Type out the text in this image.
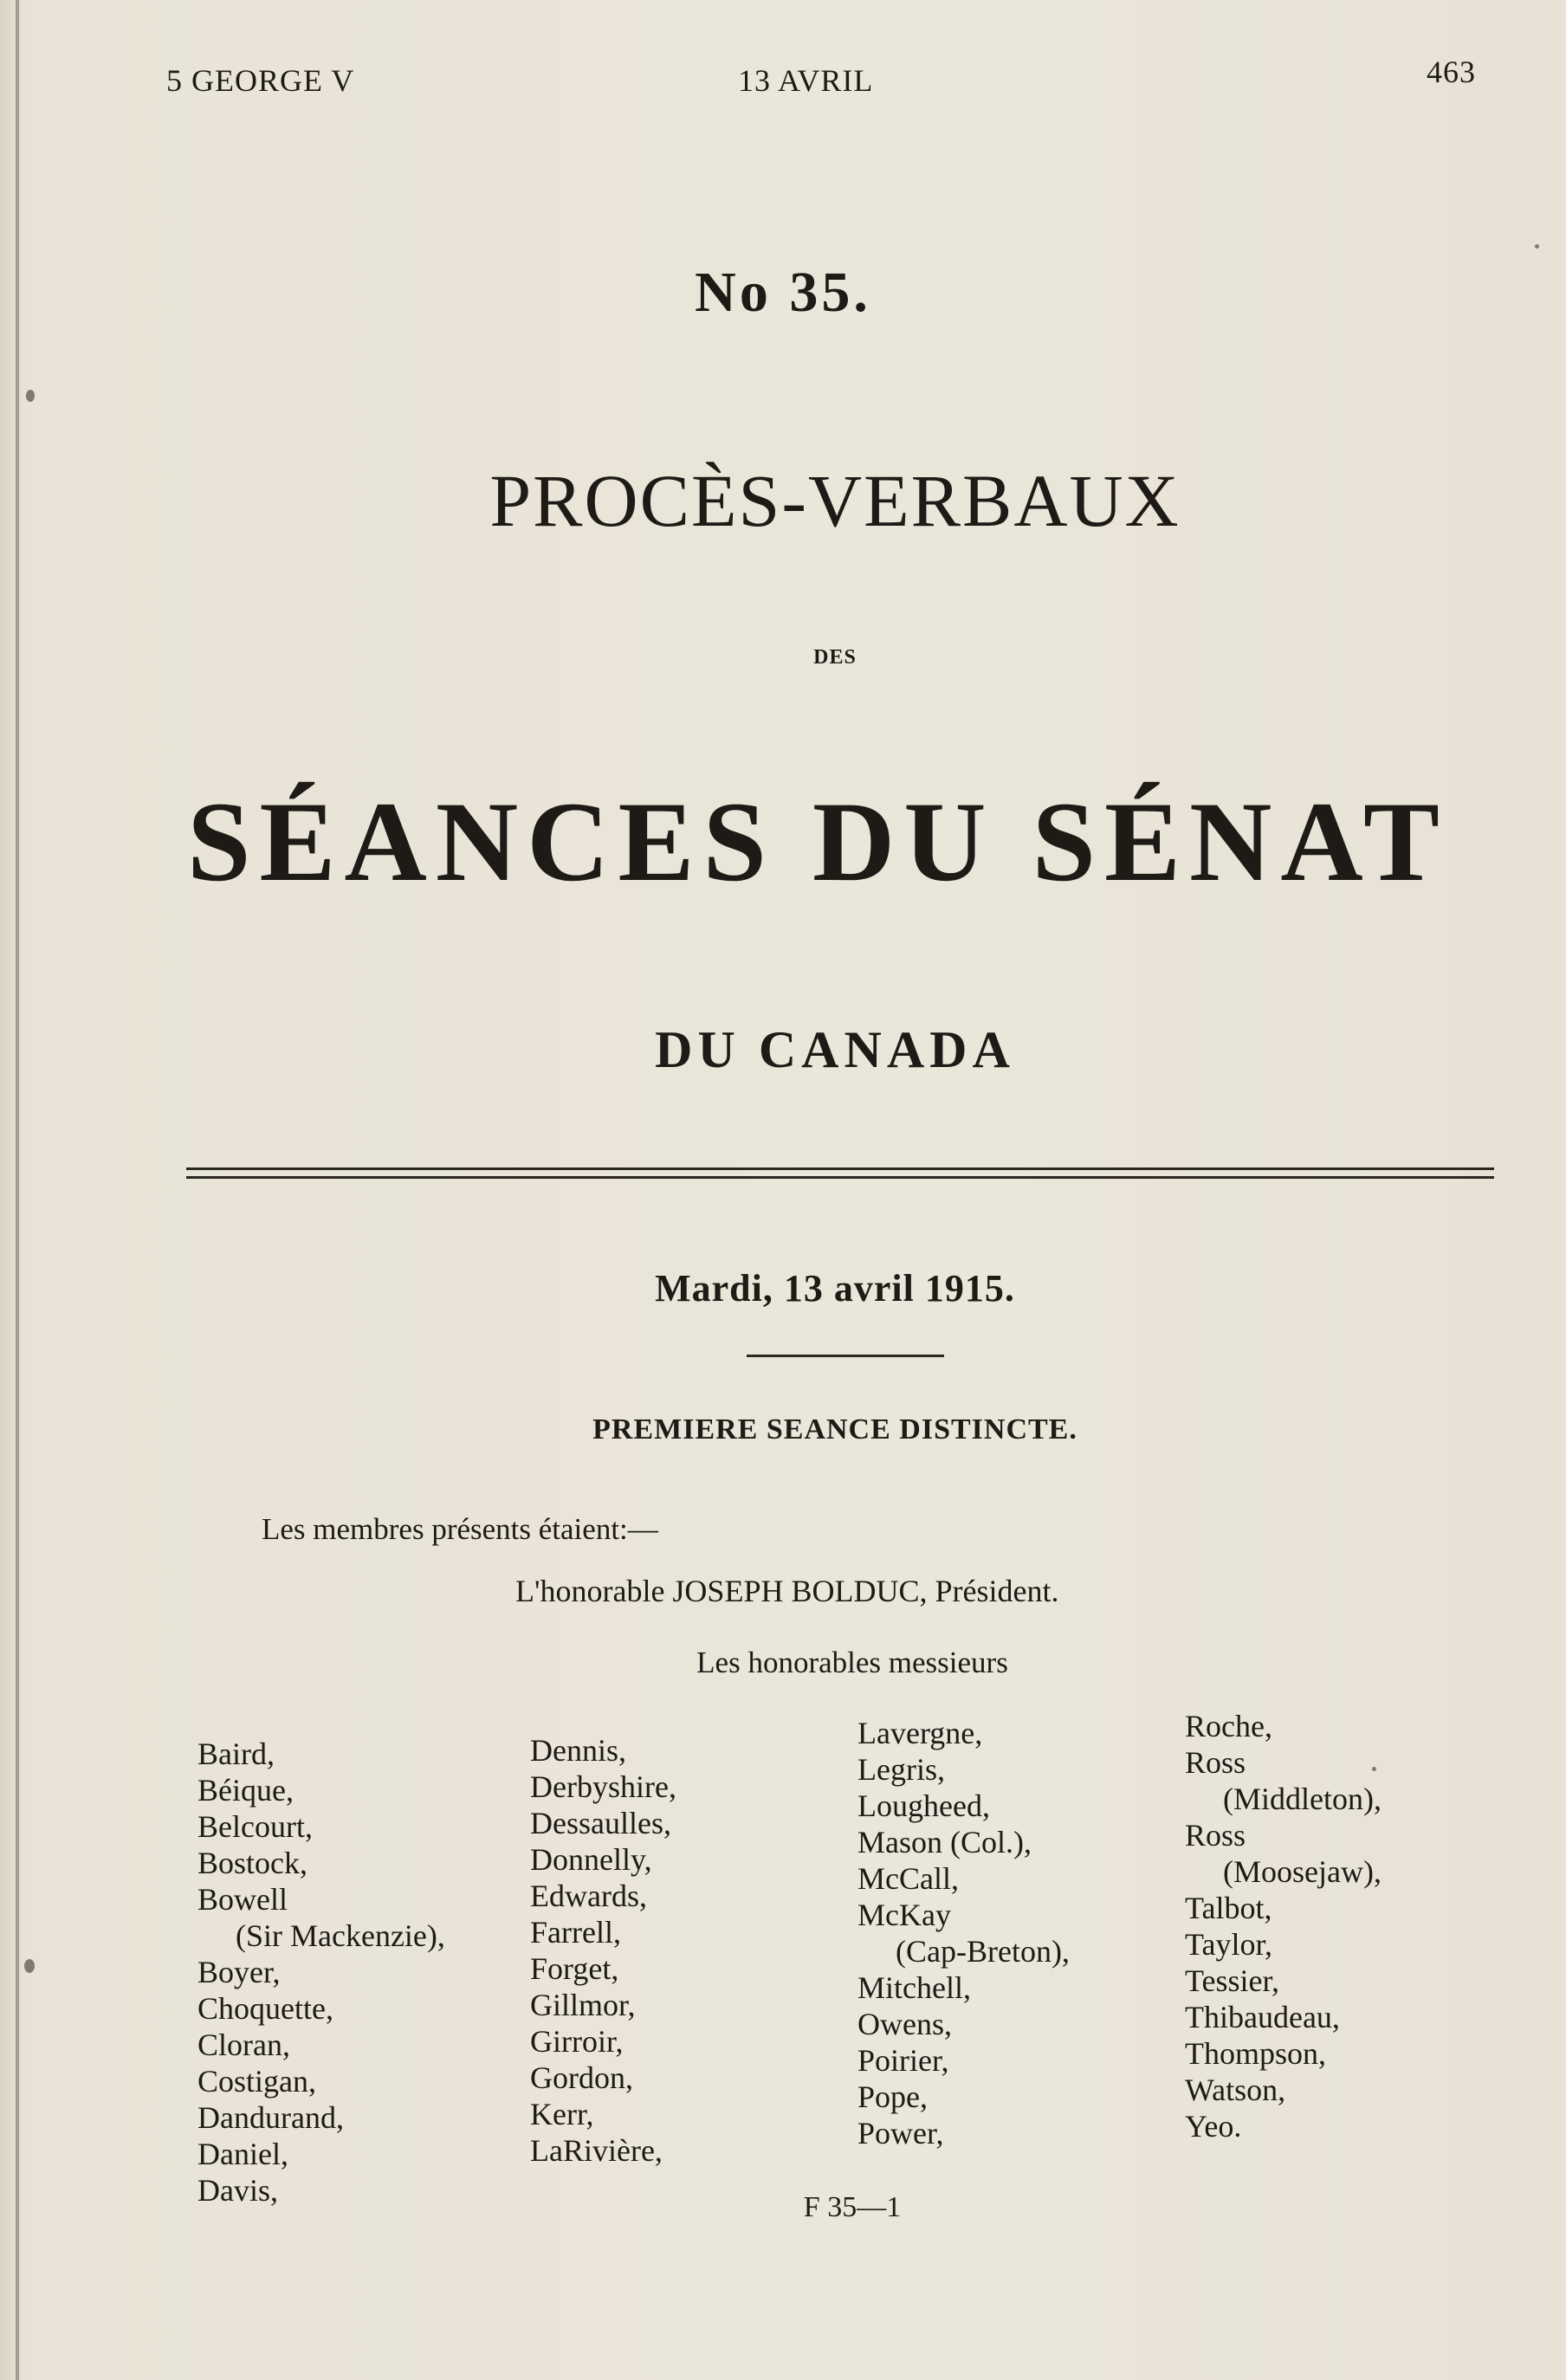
5 GEORGE V	13 AVRIL	463
No 35.
PROCÈS-VERBAUX
DES
SÉANCES DU SÉNAT
DU CANADA
Mardi, 13 avril 1915.
PREMIERE SEANCE DISTINCTE.
Les membres présents étaient:—
L'honorable JOSEPH BOLDUC, Président.
Les honorables messieurs
Baird,
Béique,
Belcourt,
Bostock,
Bowell
(Sir Mackenzie),
Boyer,
Choquette,
Cloran,
Costigan,
Dandurand,
Daniel,
Davis,
Dennis,
Derbyshire,
Dessaulles,
Donnelly,
Edwards,
Farrell,
Forget,
Gillmor,
Girroir,
Gordon,
Kerr,
LaRivière,
Lavergne,
Legris,
Lougheed,
Mason (Col.),
McCall,
McKay
(Cap-Breton),
Mitchell,
Owens,
Poirier,
Pope,
Power,
Roche,
Ross
(Middleton),
Ross
(Moosejaw),
Talbot,
Taylor,
Tessier,
Thibaudeau,
Thompson,
Watson,
Yeo.
F 35—1
